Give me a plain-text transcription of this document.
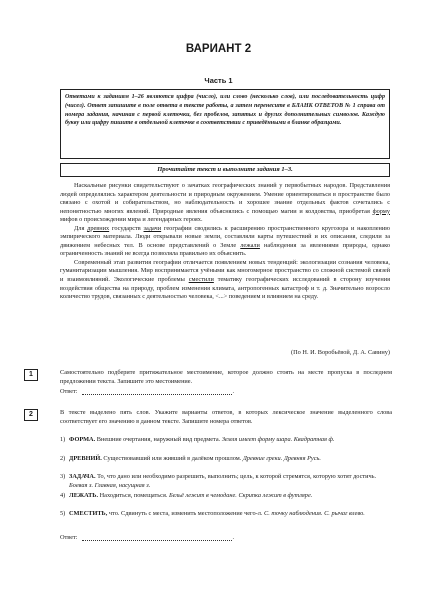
ВАРИАНТ 2
Часть 1
Ответами к заданиям 1–26 являются цифра (число), или слово (несколько слов), или последовательность цифр (чисел). Ответ запишите в поле ответа в тексте работы, а затем перенесите в БЛАНК ОТВЕТОВ № 1 справа от номера задания, начиная с первой клеточки, без пробелов, запятых и других дополнительных символов. Каждую букву или цифру пишите в отдельной клеточке в соответствии с приведёнными в бланке образцами.
Прочитайте текст и выполните задания 1–3.

Наскальные рисунки свидетельствуют о зачатках географических знаний у первобытных народов. Представления людей определялись характером деятельности и природным окружением. Умение ориентироваться в пространстве было связано с охотой и собирательством, но наблюдательность и хорошее знание отдельных фактов сочетались с непонятностью многих явлений. Природные явления объяснялись с помощью магии и колдовства, приобретая форму мифов о происхождении мира и легендарных героях.

Для древних государств задачи географии сводились к расширению пространственного кругозора и накоплению эмпирического материала. Люди открывали новые земли, составляли карты путешествий и их описания, следили за движением небесных тел. В основе представлений о Земле лежали наблюдения за явлениями природы, однако ограниченность знаний не всегда позволяла правильно их объяснить.

Современный этап развития географии отличается появлением новых тенденций: экологизации сознания человека, гуманитаризации мышления. Мир воспринимается учёными как многомерное пространство со сложной системой связей и взаимовлияний. Экологические проблемы сместили тематику географических исследований в сторону изучения воздействия общества на природу, проблем изменения климата, антропогенных катастроф и т. д. Значительно возросло количество трудов, связанных с деятельностью человека, <...> поведением и влиянием на среду.

(По Н. И. Воробьёвой, Д. А. Савину)
1	Самостоятельно подберите притяжательное местоимение, которое должно стоять на месте пропуска в последнем предложении текста. Запишите это местоимение.
Ответ:	.
2	В тексте выделено пять слов. Укажите варианты ответов, в которых лексическое значение выделенного слова соответствует его значению в данном тексте. Запишите номера ответов.
1) ФОРМА. Внешние очертания, наружный вид предмета. Земля имеет форму шара. Квадратная ф.
2) ДРЕВНИЙ. Существовавший или живший в далёком прошлом. Древние греки. Древняя Русь.
3) ЗАДАЧА. То, что дано или необходимо разрешить, выполнить; цель, к которой стремятся, которую хотят достичь. Боевая з. Главная, насущная з.
4) ЛЕЖАТЬ. Находиться, помещаться. Бельё лежит в чемодане. Скрипка лежит в футляре.
5) СМЕСТИТЬ, что. Сдвинуть с места, изменить местоположение чего-л. С. точку наблюдения. С. рычаг влево.
Ответ:	.
